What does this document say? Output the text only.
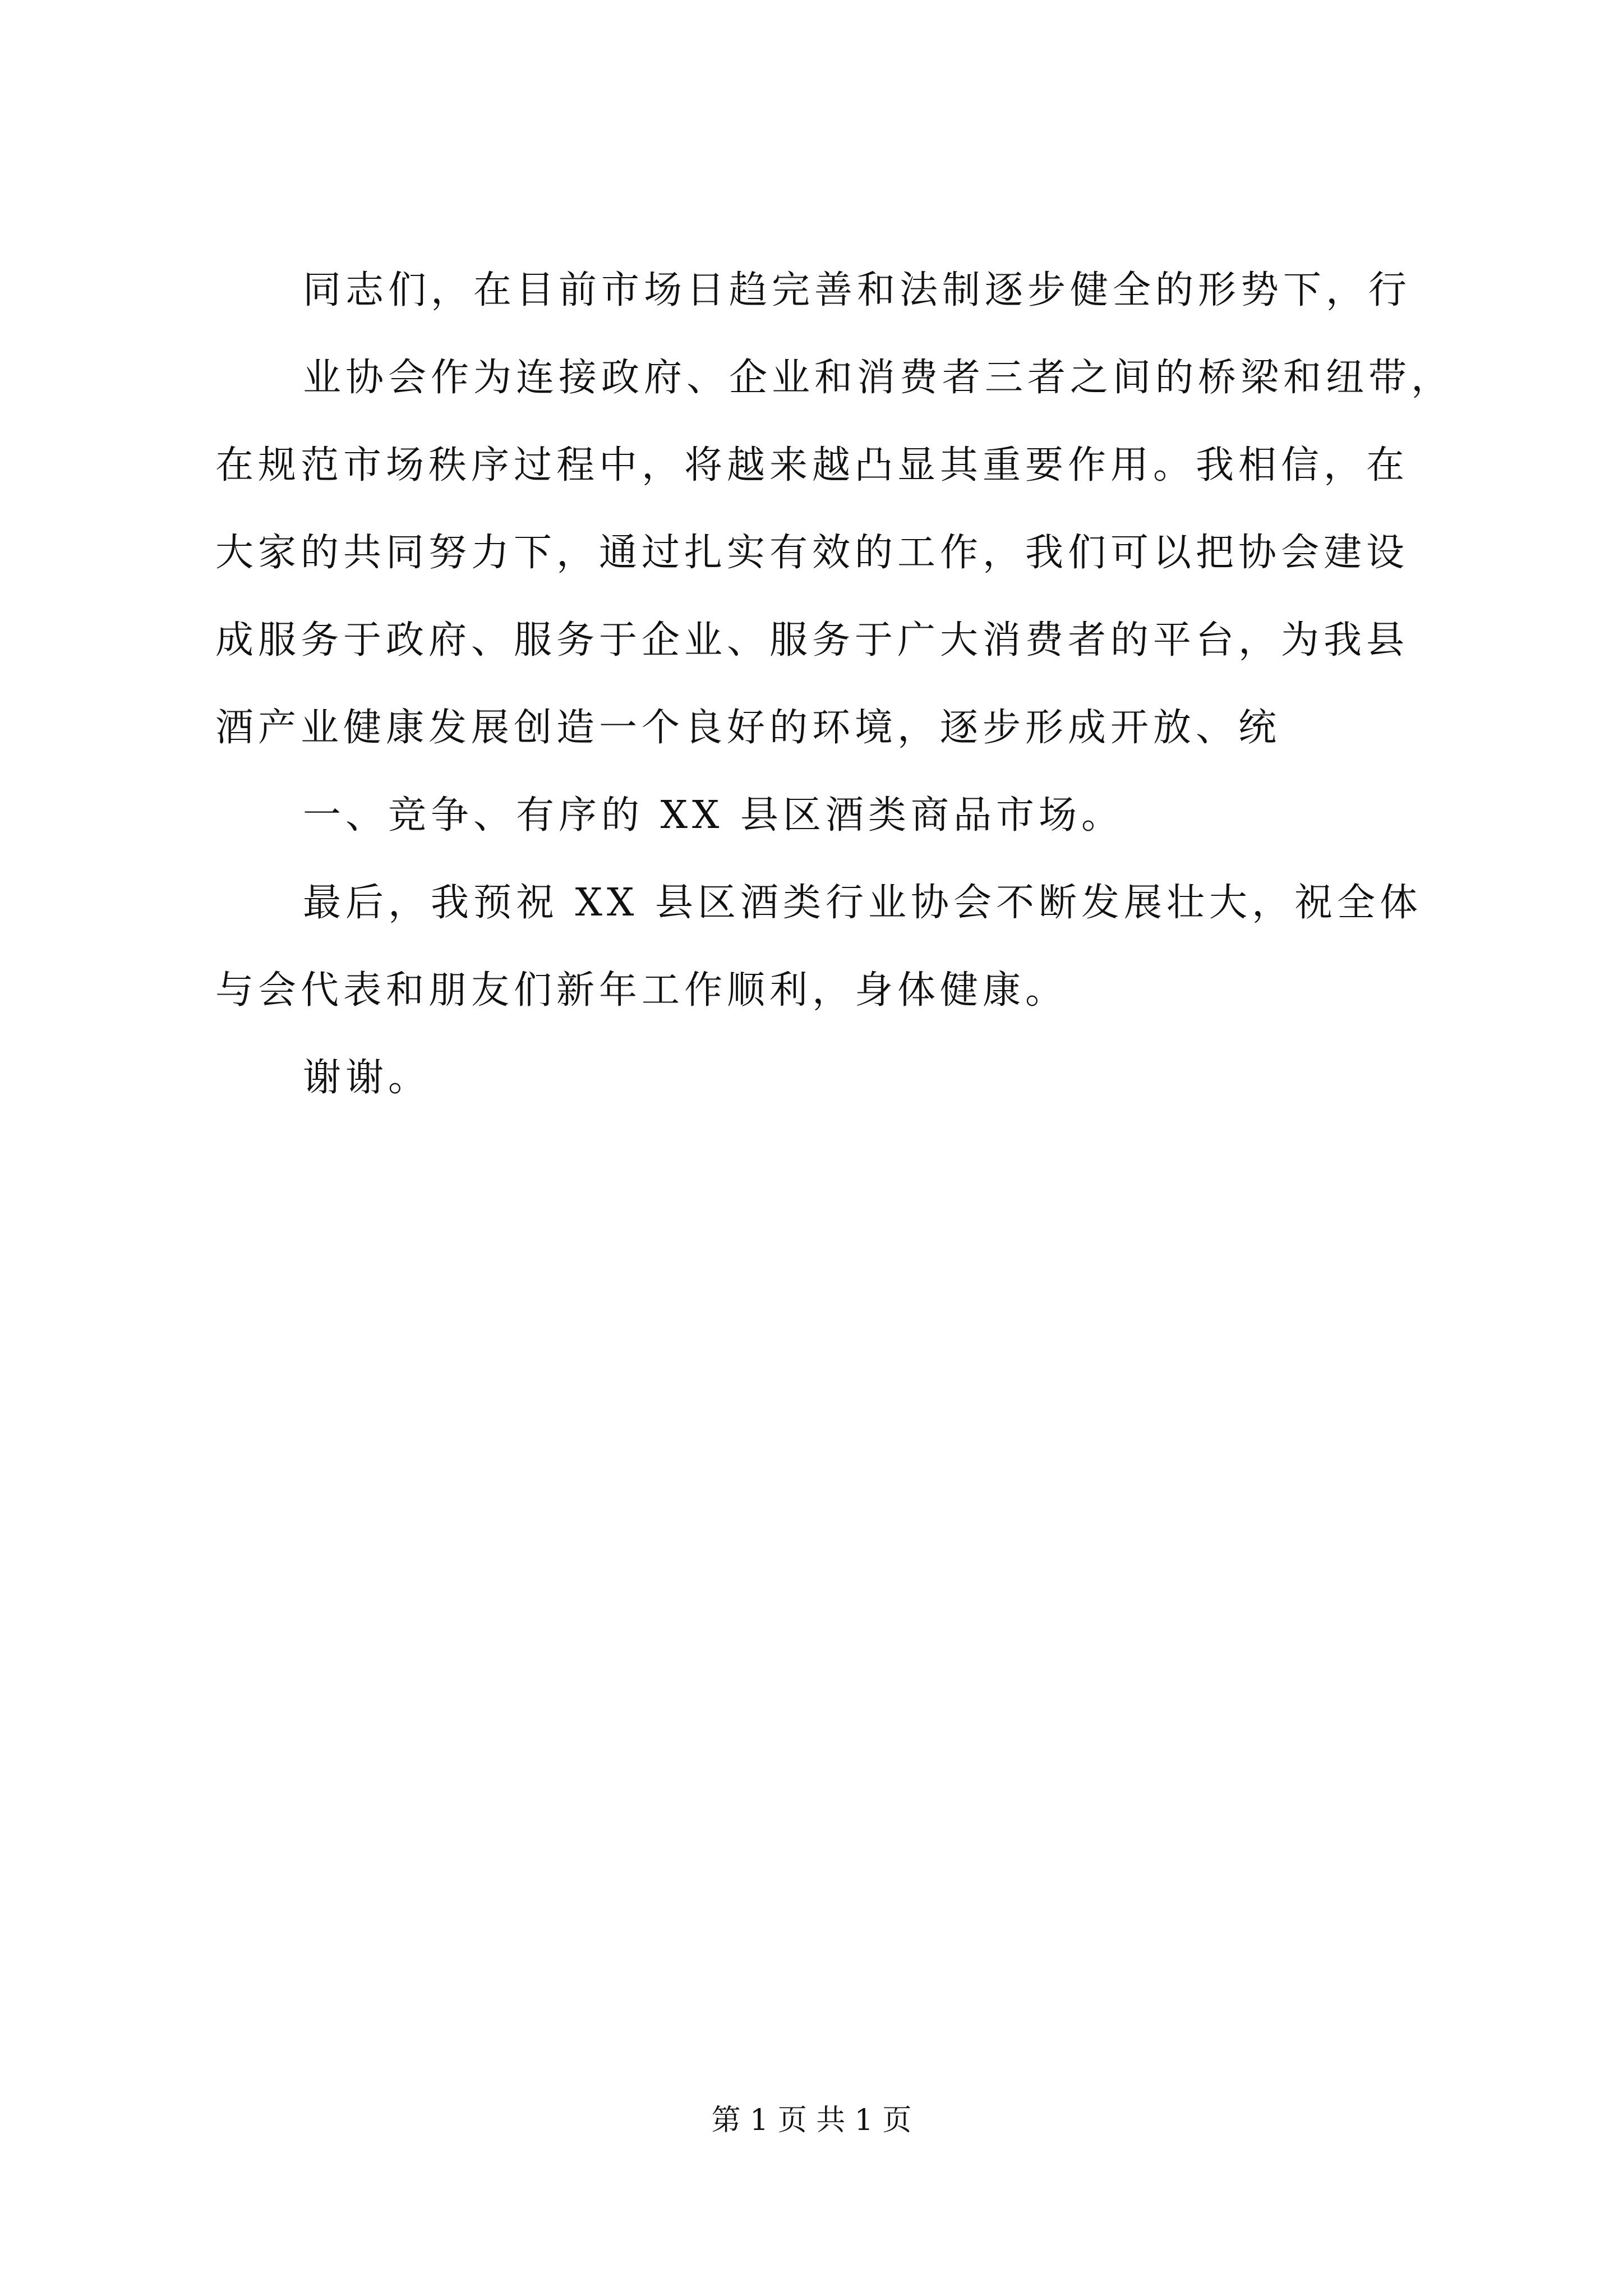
同志们，在目前市场日趋完善和法制逐步健全的形势下，行
业协会作为连接政府、企业和消费者三者之间的桥梁和纽带，
在规范市场秩序过程中，将越来越凸显其重要作用。我相信，在
大家的共同努力下，通过扎实有效的工作，我们可以把协会建设
成服务于政府、服务于企业、服务于广大消费者的平台，为我县
酒产业健康发展创造一个良好的环境，逐步形成开放、统
一、竞争、有序的 XX 县区酒类商品市场。
最后，我预祝 XX 县区酒类行业协会不断发展壮大，祝全体
与会代表和朋友们新年工作顺利，身体健康。
谢谢。
第 1 页 共 1 页
